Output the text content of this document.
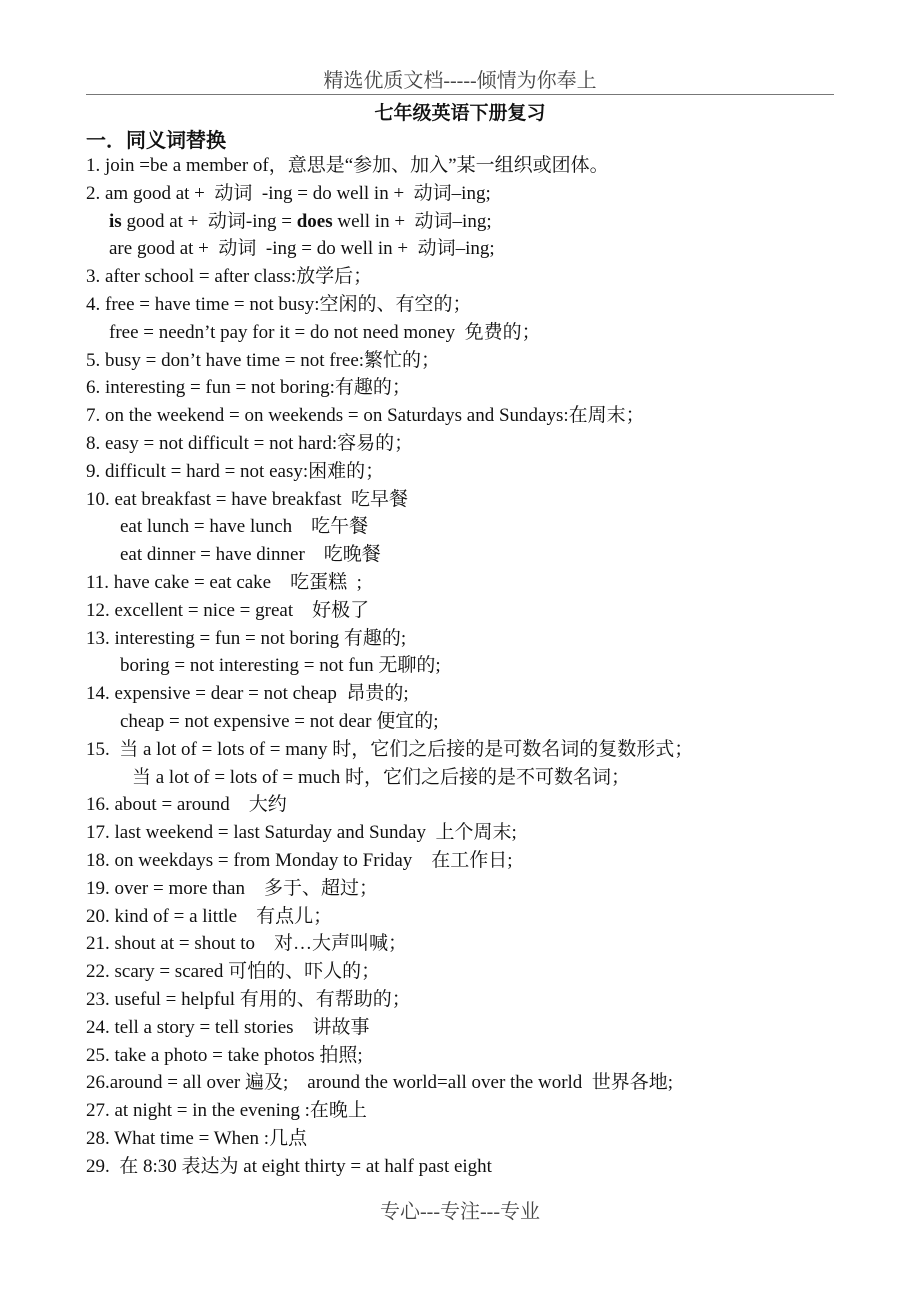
精选优质文档-----倾情为你奉上
七年级英语下册复习
一．同义词替换
1. join =be a member of，意思是“参加、加入”某一组织或团体。
2. am good at +  动词  -ing = do well in +  动词–ing;
is good at +  动词-ing = does well in +  动词–ing;
are good at +  动词  -ing = do well in +  动词–ing;
3. after school = after class:放学后；
4. free = have time = not busy:空闲的、有空的；
free = needn’t pay for it = do not need money  免费的；
5. busy = don’t have time = not free:繁忙的；
6. interesting = fun = not boring:有趣的；
7. on the weekend = on weekends = on Saturdays and Sundays:在周末；
8. easy = not difficult = not hard:容易的；
9. difficult = hard = not easy:困难的；
10. eat breakfast = have breakfast  吃早餐
eat lunch = have lunch    吃午餐
eat dinner = have dinner    吃晚餐
11. have cake = eat cake    吃蛋糕  ;
12. excellent = nice = great    好极了
13. interesting = fun = not boring 有趣的;
boring = not interesting = not fun 无聊的;
14. expensive = dear = not cheap  昂贵的;
cheap = not expensive = not dear 便宜的;
15.  当 a lot of = lots of = many 时，它们之后接的是可数名词的复数形式；
当 a lot of = lots of = much 时，它们之后接的是不可数名词；
16. about = around    大约
17. last weekend = last Saturday and Sunday  上个周末;
18. on weekdays = from Monday to Friday    在工作日;
19. over = more than    多于、超过；
20. kind of = a little    有点儿；
21. shout at = shout to    对…大声叫喊；
22. scary = scared 可怕的、吓人的；
23. useful = helpful 有用的、有帮助的；
24. tell a story = tell stories    讲故事
25. take a photo = take photos 拍照;
26.around = all over 遍及;    around the world=all over the world  世界各地;
27. at night = in the evening :在晚上
28. What time = When :几点
29.  在 8:30 表达为 at eight thirty = at half past eight
专心---专注---专业
